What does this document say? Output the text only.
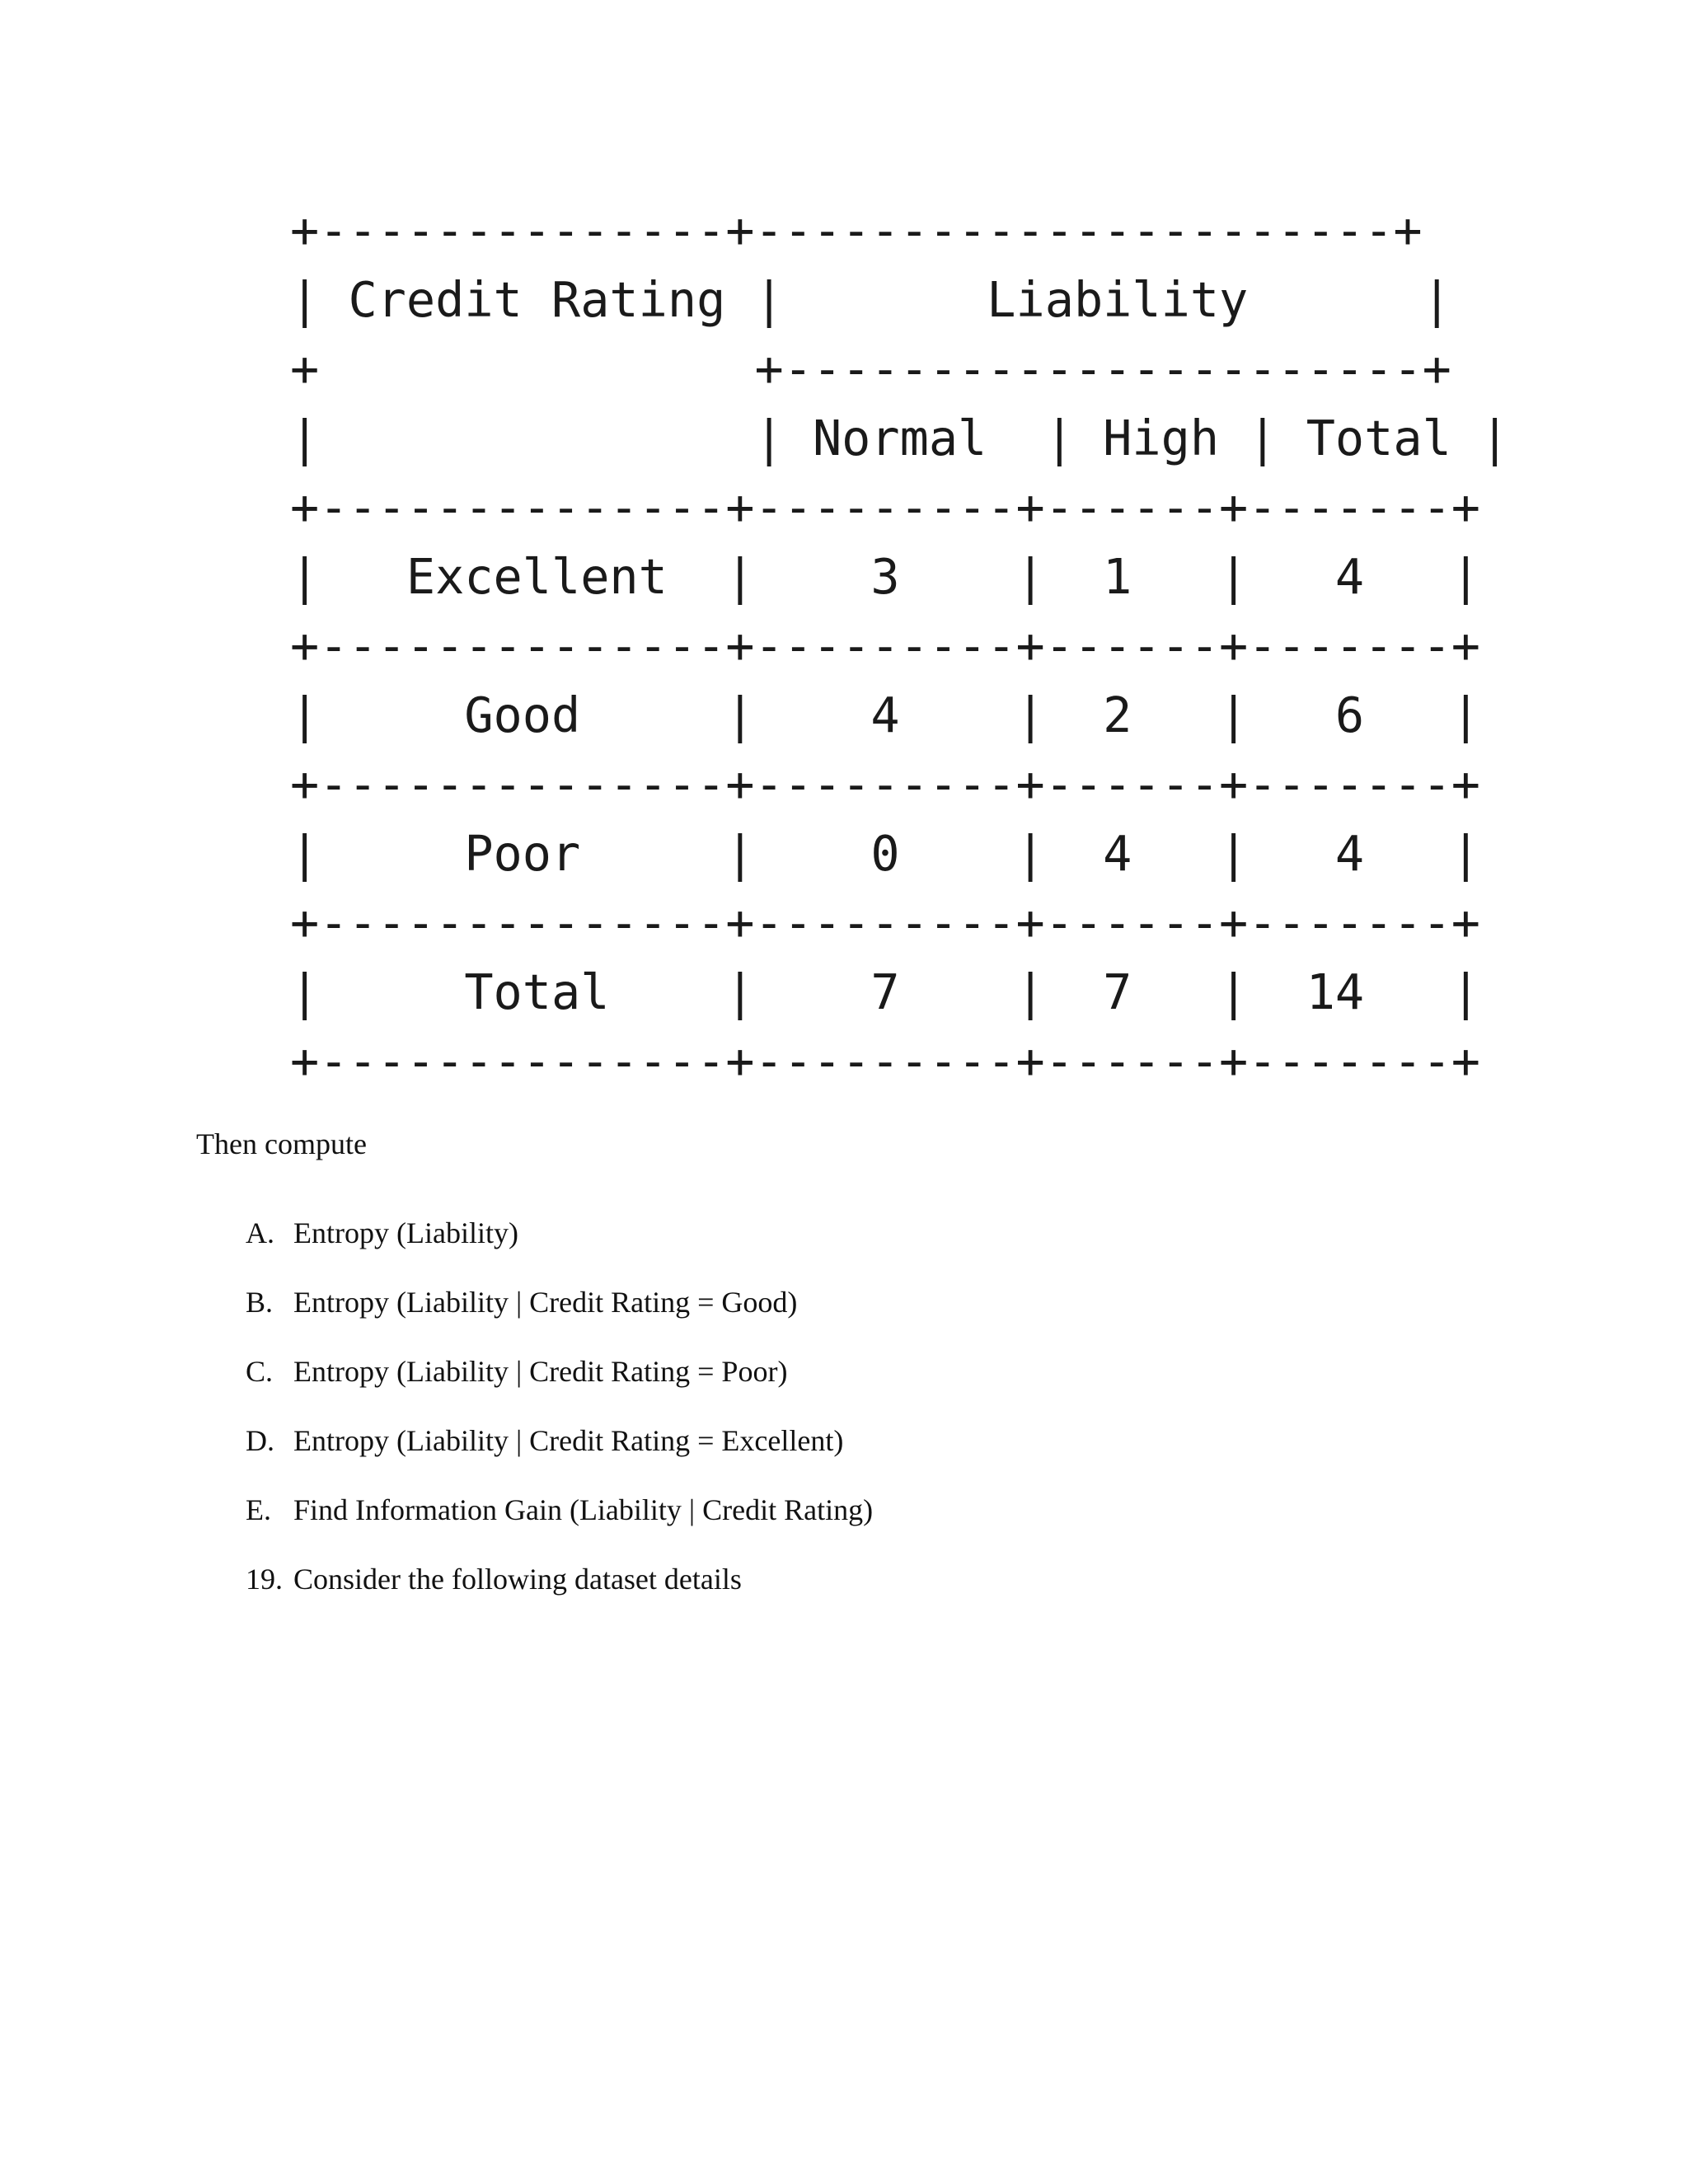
+--------------+----------------------+
| Credit Rating |       Liability      |
+               +----------------------+
|               | Normal  | High | Total |
+--------------+---------+------+-------+
|   Excellent  |    3    |  1   |   4   |
+--------------+---------+------+-------+
|     Good     |    4    |  2   |   6   |
+--------------+---------+------+-------+
|     Poor     |    0    |  4   |   4   |
+--------------+---------+------+-------+
|     Total    |    7    |  7   |  14   |
+--------------+---------+------+-------+

Then compute

A. Entropy (Liability)
B. Entropy (Liability | Credit Rating = Good)
C. Entropy (Liability | Credit Rating = Poor)
D. Entropy (Liability | Credit Rating = Excellent)
E. Find Information Gain (Liability | Credit Rating)
19. Consider the following dataset details
